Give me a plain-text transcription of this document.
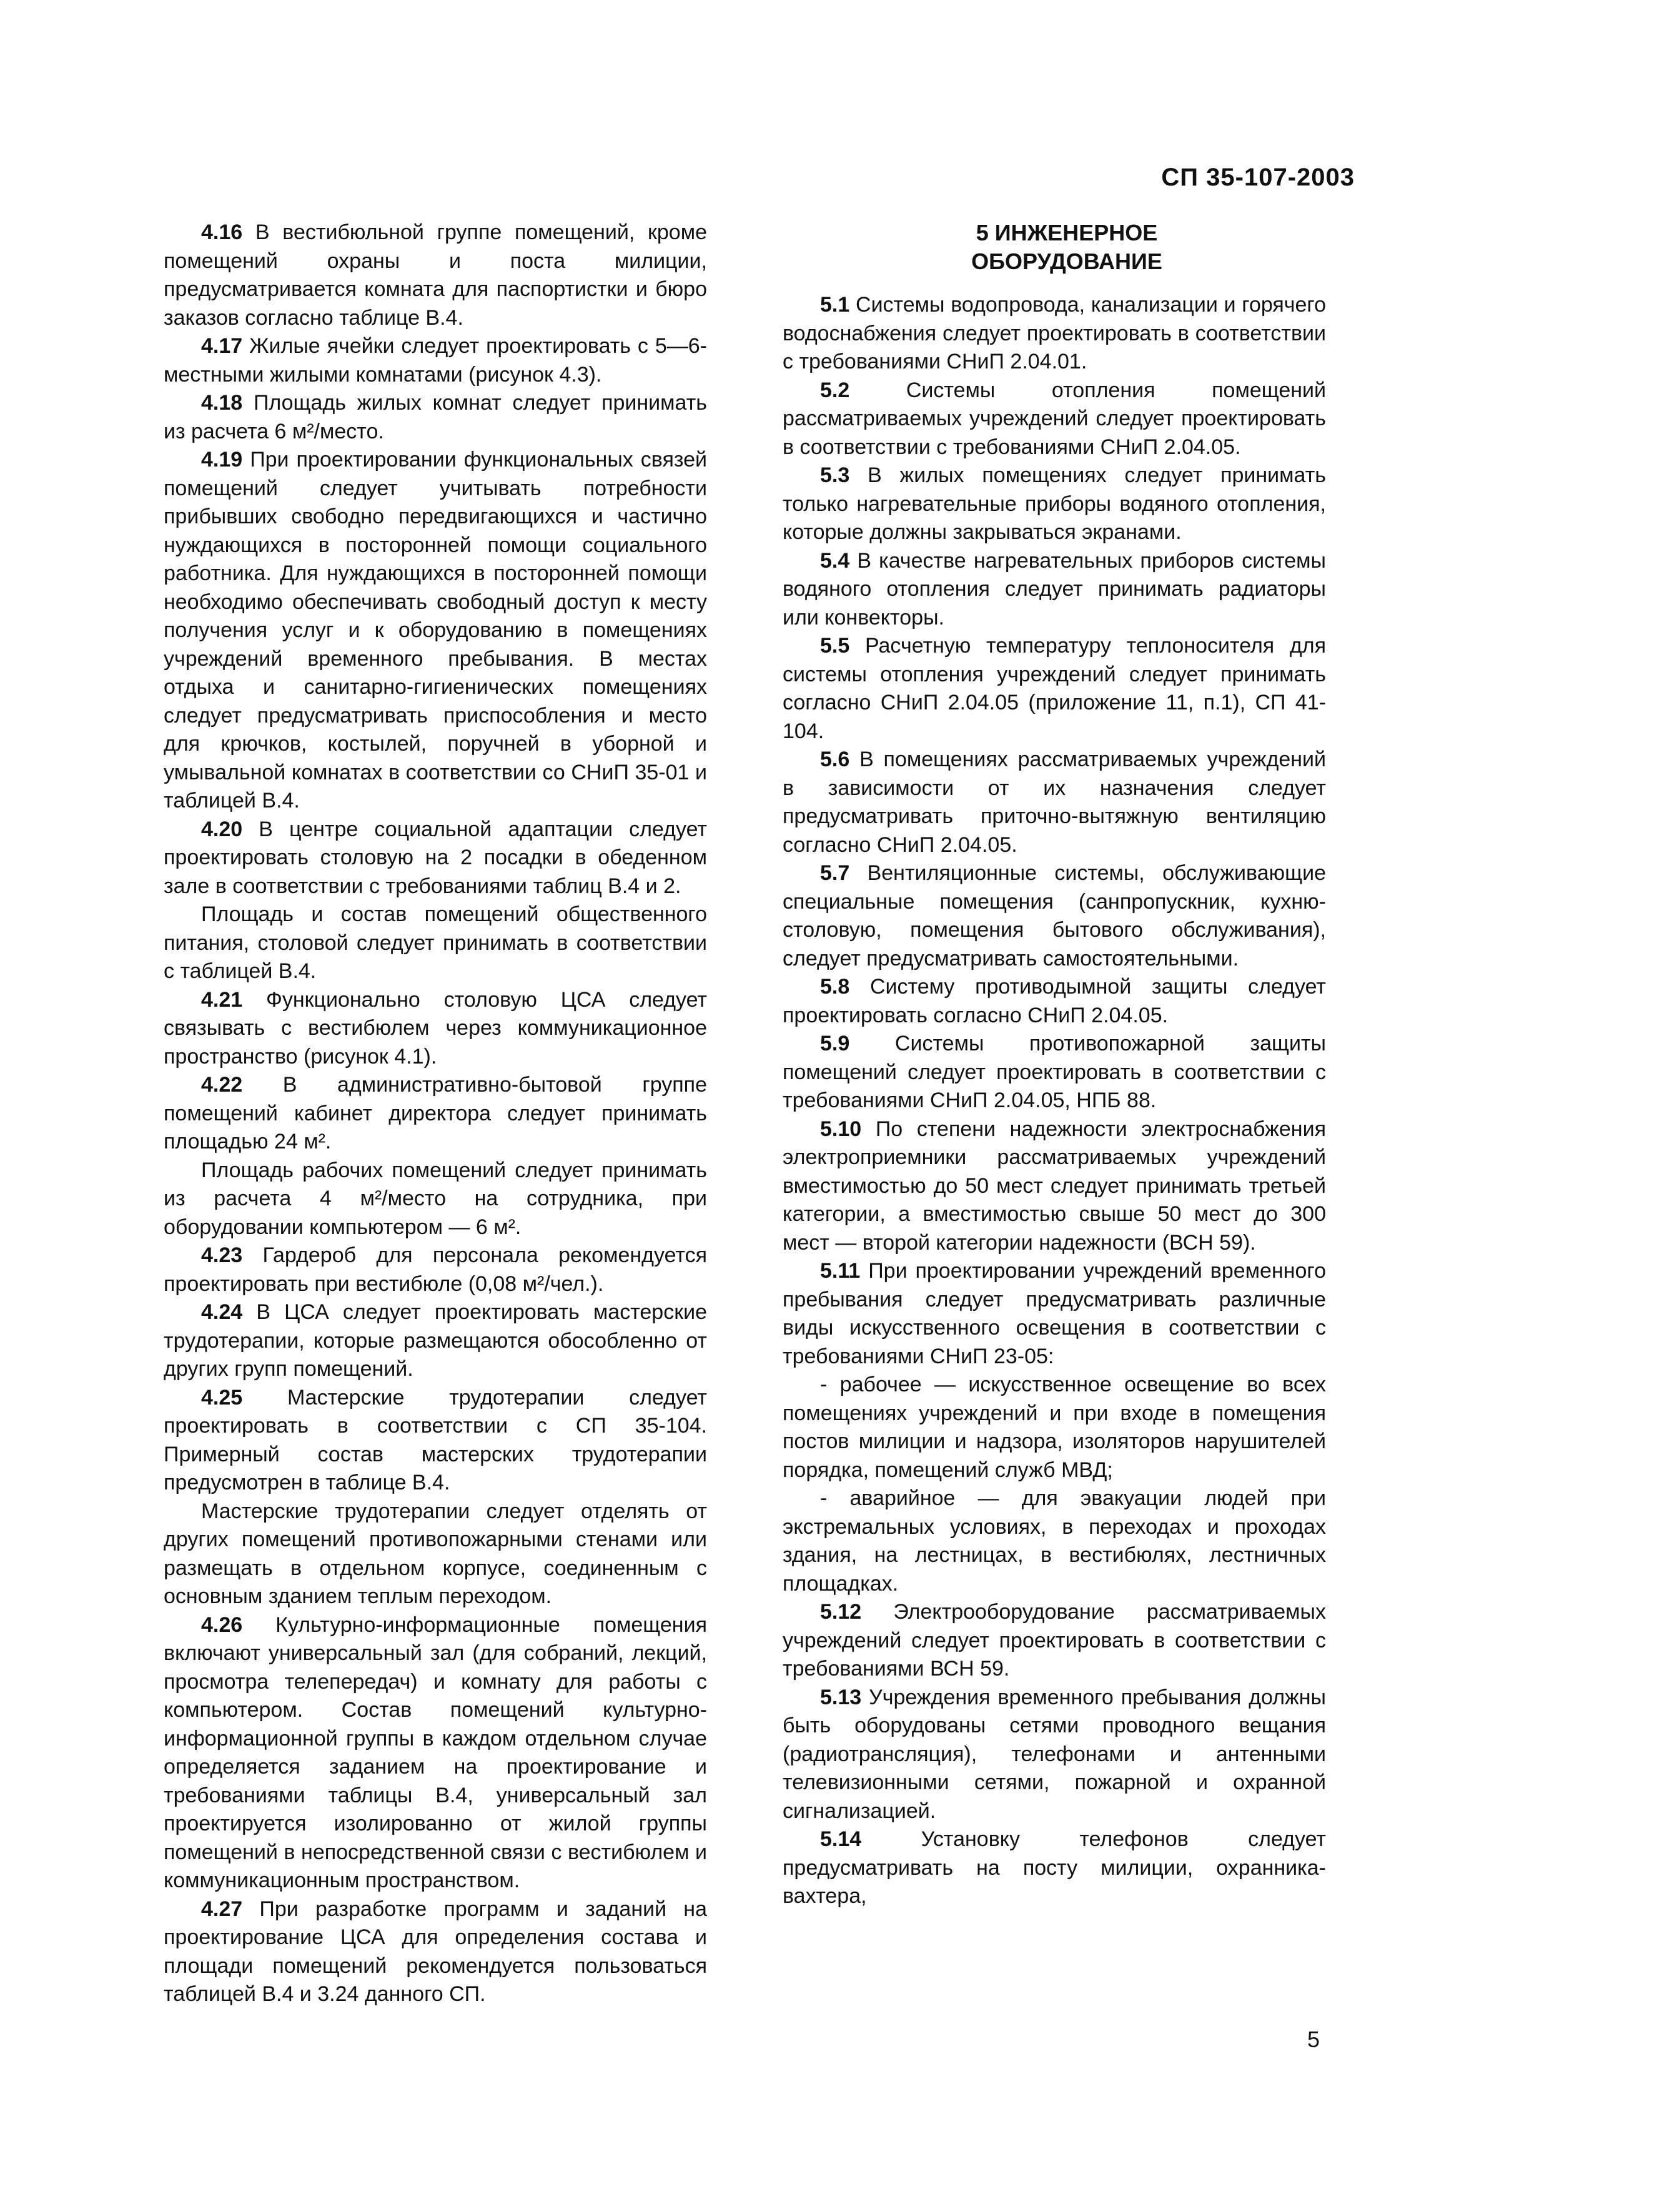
СП 35-107-2003

4.16 В вестибюльной группе помещений, кроме помещений охраны и поста милиции, предусматривается комната для паспортистки и бюро заказов согласно таблице В.4.

4.17 Жилые ячейки следует проектировать с 5—6-местными жилыми комнатами (рисунок 4.3).

4.18 Площадь жилых комнат следует принимать из расчета 6 м²/место.

4.19 При проектировании функциональных связей помещений следует учитывать потребности прибывших свободно передвигающихся и частично нуждающихся в посторонней помощи социального работника. Для нуждающихся в посторонней помощи необходимо обеспечивать свободный доступ к месту получения услуг и к оборудованию в помещениях учреждений временного пребывания. В местах отдыха и санитарно-гигиенических помещениях следует предусматривать приспособления и место для крючков, костылей, поручней в уборной и умывальной комнатах в соответствии со СНиП 35-01 и таблицей В.4.

4.20 В центре социальной адаптации следует проектировать столовую на 2 посадки в обеденном зале в соответствии с требованиями таблиц В.4 и 2.

Площадь и состав помещений общественного питания, столовой следует принимать в соответствии с таблицей В.4.

4.21 Функционально столовую ЦСА следует связывать с вестибюлем через коммуникационное пространство (рисунок 4.1).

4.22 В административно-бытовой группе помещений кабинет директора следует принимать площадью 24 м².

Площадь рабочих помещений следует принимать из расчета 4 м²/место на сотрудника, при оборудовании компьютером — 6 м².

4.23 Гардероб для персонала рекомендуется проектировать при вестибюле (0,08 м²/чел.).

4.24 В ЦСА следует проектировать мастерские трудотерапии, которые размещаются обособленно от других групп помещений.

4.25 Мастерские трудотерапии следует проектировать в соответствии с СП 35-104. Примерный состав мастерских трудотерапии предусмотрен в таблице В.4.

Мастерские трудотерапии следует отделять от других помещений противопожарными стенами или размещать в отдельном корпусе, соединенным с основным зданием теплым переходом.

4.26 Культурно-информационные помещения включают универсальный зал (для собраний, лекций, просмотра телепередач) и комнату для работы с компьютером. Состав помещений культурно-информационной группы в каждом отдельном случае определяется заданием на проектирование и требованиями таблицы В.4, универсальный зал проектируется изолированно от жилой группы помещений в непосредственной связи с вестибюлем и коммуникационным пространством.

4.27 При разработке программ и заданий на проектирование ЦСА для определения состава и площади помещений рекомендуется пользоваться таблицей В.4 и 3.24 данного СП.

5 ИНЖЕНЕРНОЕ
ОБОРУДОВАНИЕ

5.1 Системы водопровода, канализации и горячего водоснабжения следует проектировать в соответствии с требованиями СНиП 2.04.01.

5.2 Системы отопления помещений рассматриваемых учреждений следует проектировать в соответствии с требованиями СНиП 2.04.05.

5.3 В жилых помещениях следует принимать только нагревательные приборы водяного отопления, которые должны закрываться экранами.

5.4 В качестве нагревательных приборов системы водяного отопления следует принимать радиаторы или конвекторы.

5.5 Расчетную температуру теплоносителя для системы отопления учреждений следует принимать согласно СНиП 2.04.05 (приложение 11, п.1), СП 41-104.

5.6 В помещениях рассматриваемых учреждений в зависимости от их назначения следует предусматривать приточно-вытяжную вентиляцию согласно СНиП 2.04.05.

5.7 Вентиляционные системы, обслуживающие специальные помещения (санпропускник, кухню-столовую, помещения бытового обслуживания), следует предусматривать самостоятельными.

5.8 Систему противодымной защиты следует проектировать согласно СНиП 2.04.05.

5.9 Системы противопожарной защиты помещений следует проектировать в соответствии с требованиями СНиП 2.04.05, НПБ 88.

5.10 По степени надежности электроснабжения электроприемники рассматриваемых учреждений вместимостью до 50 мест следует принимать третьей категории, а вместимостью свыше 50 мест до 300 мест — второй категории надежности (ВСН 59).

5.11 При проектировании учреждений временного пребывания следует предусматривать различные виды искусственного освещения в соответствии с требованиями СНиП 23-05:

- рабочее — искусственное освещение во всех помещениях учреждений и при входе в помещения постов милиции и надзора, изоляторов нарушителей порядка, помещений служб МВД;

- аварийное — для эвакуации людей при экстремальных условиях, в переходах и проходах здания, на лестницах, в вестибюлях, лестничных площадках.

5.12 Электрооборудование рассматриваемых учреждений следует проектировать в соответствии с требованиями ВСН 59.

5.13 Учреждения временного пребывания должны быть оборудованы сетями проводного вещания (радиотрансляция), телефонами и антенными телевизионными сетями, пожарной и охранной сигнализацией.

5.14 Установку телефонов следует предусматривать на посту милиции, охранника-вахтера,

5
